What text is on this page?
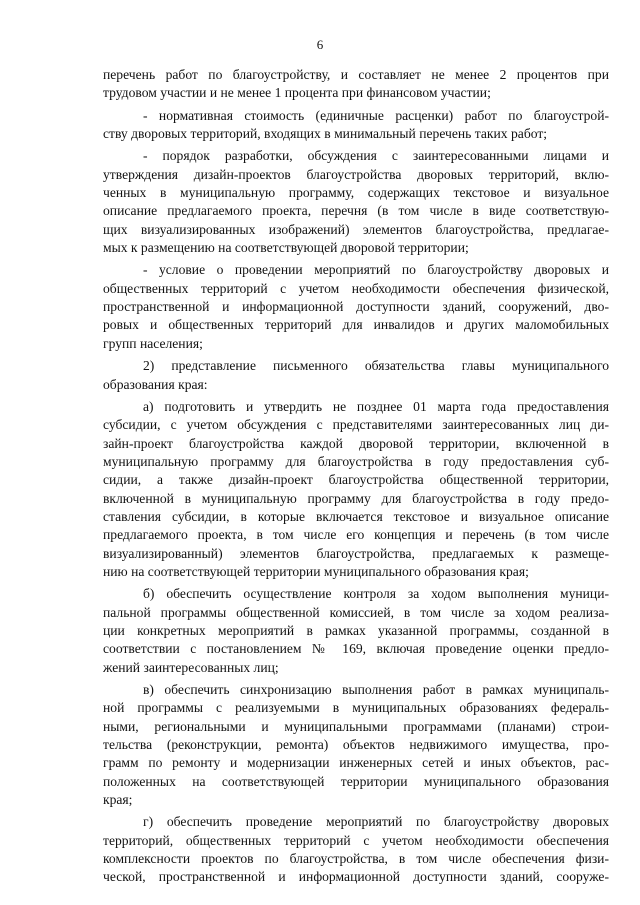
6
перечень работ по благоустройству, и составляет не менее 2 процентов при
трудовом участии и не менее 1 процента при финансовом участии;
- нормативная стоимость (единичные расценки) работ по благоустрой-
ству дворовых территорий, входящих в минимальный перечень таких работ;
- порядок разработки, обсуждения с заинтересованными лицами и
утверждения дизайн-проектов благоустройства дворовых территорий, вклю-
ченных в муниципальную программу, содержащих текстовое и визуальное
описание предлагаемого проекта, перечня (в том числе в виде соответствую-
щих визуализированных изображений) элементов благоустройства, предлагае-
мых к размещению на соответствующей дворовой территории;
- условие о проведении мероприятий по благоустройству дворовых и
общественных территорий с учетом необходимости обеспечения физической,
пространственной и информационной доступности зданий, сооружений, дво-
ровых и общественных территорий для инвалидов и других маломобильных
групп населения;
2) представление письменного обязательства главы муниципального
образования края:
а) подготовить и утвердить не позднее 01 марта года предоставления
субсидии, с учетом обсуждения с представителями заинтересованных лиц ди-
зайн-проект благоустройства каждой дворовой территории, включенной в
муниципальную программу для благоустройства в году предоставления суб-
сидии, а также дизайн-проект благоустройства общественной территории,
включенной в муниципальную программу для благоустройства в году предо-
ставления субсидии, в которые включается текстовое и визуальное описание
предлагаемого проекта, в том числе его концепция и перечень (в том числе
визуализированный) элементов благоустройства, предлагаемых к размеще-
нию на соответствующей территории муниципального образования края;
б) обеспечить осуществление контроля за ходом выполнения муници-
пальной программы общественной комиссией, в том числе за ходом реализа-
ции конкретных мероприятий в рамках указанной программы, созданной в
соответствии с постановлением № 169, включая проведение оценки предло-
жений заинтересованных лиц;
в) обеспечить синхронизацию выполнения работ в рамках муниципаль-
ной программы с реализуемыми в муниципальных образованиях федераль-
ными, региональными и муниципальными программами (планами) строи-
тельства (реконструкции, ремонта) объектов недвижимого имущества, про-
грамм по ремонту и модернизации инженерных сетей и иных объектов, рас-
положенных на соответствующей территории муниципального образования
края;
г) обеспечить проведение мероприятий по благоустройству дворовых
территорий, общественных территорий с учетом необходимости обеспечения
комплексности проектов по благоустройства, в том числе обеспечения физи-
ческой, пространственной и информационной доступности зданий, сооруже-
